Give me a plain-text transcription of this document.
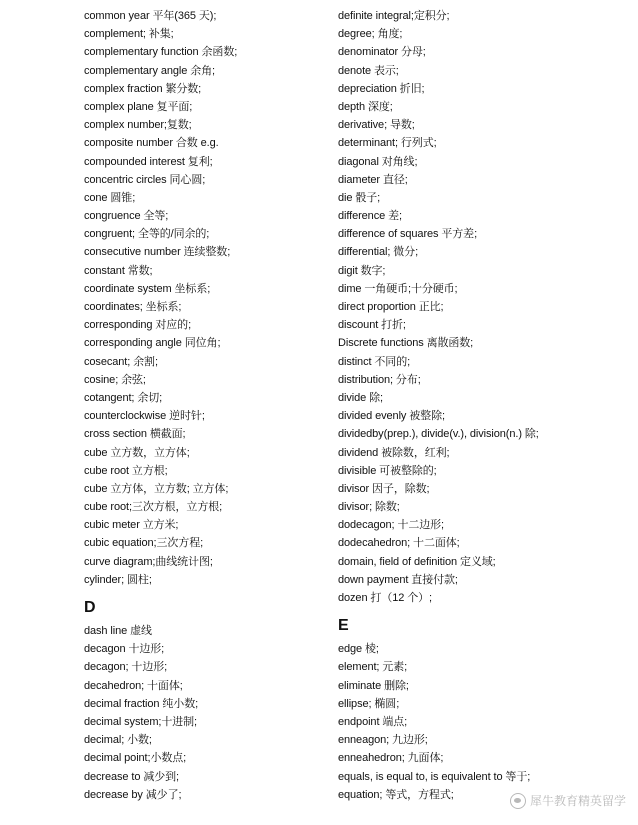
common year 平年(365 天);
complement; 补集;
complementary function 余函数;
complementary angle 余角;
complex fraction 繁分数;
complex plane 复平面;
complex number;复数;
composite number 合数 e.g.
compounded interest 复利;
concentric circles 同心圆;
cone 圆锥;
congruence 全等;
congruent; 全等的/同余的;
consecutive number 连续整数;
constant 常数;
coordinate system 坐标系;
coordinates; 坐标系;
corresponding 对应的;
corresponding angle 同位角;
cosecant; 余割;
cosine; 余弦;
cotangent; 余切;
counterclockwise 逆时针;
cross section 横截面;
cube 立方数，立方体;
cube root 立方根;
cube 立方体，立方数; 立方体;
cube root;三次方根，立方根;
cubic meter 立方米;
cubic equation;三次方程;
curve diagram;曲线统计图;
cylinder; 圆柱;
D
dash line 虚线
decagon 十边形;
decagon; 十边形;
decahedron; 十面体;
decimal fraction 纯小数;
decimal system;十进制;
decimal; 小数;
decimal point;小数点;
decrease to 减少到;
decrease by 减少了;
definite integral;定积分;
degree; 角度;
denominator 分母;
denote 表示;
depreciation 折旧;
depth 深度;
derivative; 导数;
determinant; 行列式;
diagonal 对角线;
diameter 直径;
die 骰子;
difference 差;
difference of squares 平方差;
differential; 微分;
digit 数字;
dime 一角硬币;十分硬币;
direct proportion 正比;
discount 打折;
Discrete functions 离散函数;
distinct 不同的;
distribution; 分布;
divide 除;
divided evenly 被整除;
dividedby(prep.), divide(v.), division(n.) 除;
dividend 被除数，红利;
divisible 可被整除的;
divisor 因子，除数;
divisor; 除数;
dodecagon; 十二边形;
dodecahedron; 十二面体;
domain, field of definition 定义域;
down payment 直接付款;
dozen 打（12 个）;
E
edge 棱;
element; 元素;
eliminate 删除;
ellipse; 椭圆;
endpoint 端点;
enneagon; 九边形;
enneahedron; 九面体;
equals, is equal to, is equivalent to 等于;
equation; 等式，方程式;	犀牛教育精英留学
